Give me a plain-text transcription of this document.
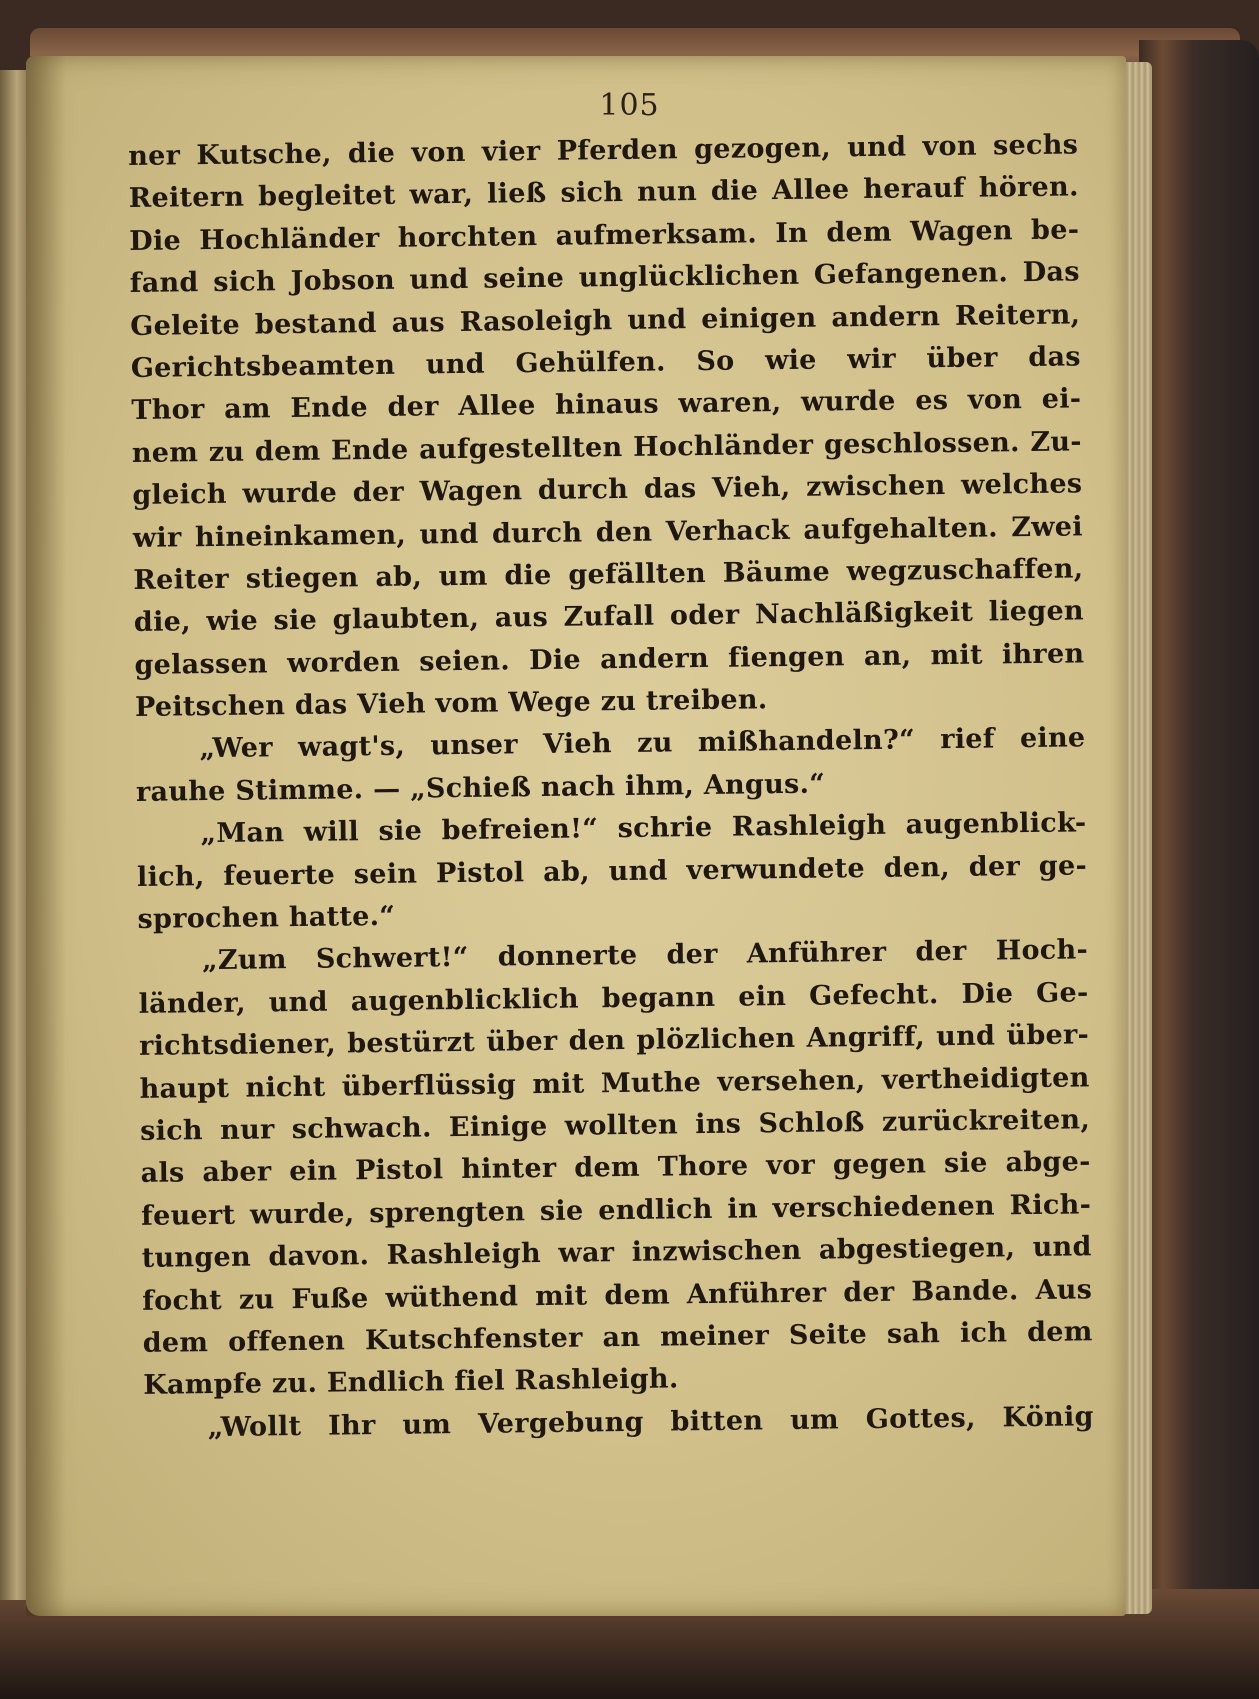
105
ner Kutsche, die von vier Pferden gezogen, und von sechs
Reitern begleitet war, ließ sich nun die Allee herauf hören.
Die Hochländer horchten aufmerksam. In dem Wagen be-
fand sich Jobson und seine unglücklichen Gefangenen. Das
Geleite bestand aus Rasoleigh und einigen andern Reitern,
Gerichtsbeamten und Gehülfen. So wie wir über das
Thor am Ende der Allee hinaus waren, wurde es von ei-
nem zu dem Ende aufgestellten Hochländer geschlossen. Zu-
gleich wurde der Wagen durch das Vieh, zwischen welches
wir hineinkamen, und durch den Verhack aufgehalten. Zwei
Reiter stiegen ab, um die gefällten Bäume wegzuschaffen,
die, wie sie glaubten, aus Zufall oder Nachläßigkeit liegen
gelassen worden seien. Die andern fiengen an, mit ihren
Peitschen das Vieh vom Wege zu treiben.
„Wer wagt's, unser Vieh zu mißhandeln?“ rief eine
rauhe Stimme. — „Schieß nach ihm, Angus.“
„Man will sie befreien!“ schrie Rashleigh augenblick-
lich, feuerte sein Pistol ab, und verwundete den, der ge-
sprochen hatte.“
„Zum Schwert!“ donnerte der Anführer der Hoch-
länder, und augenblicklich begann ein Gefecht. Die Ge-
richtsdiener, bestürzt über den plözlichen Angriff, und über-
haupt nicht überflüssig mit Muthe versehen, vertheidigten
sich nur schwach. Einige wollten ins Schloß zurückreiten,
als aber ein Pistol hinter dem Thore vor gegen sie abge-
feuert wurde, sprengten sie endlich in verschiedenen Rich-
tungen davon. Rashleigh war inzwischen abgestiegen, und
focht zu Fuße wüthend mit dem Anführer der Bande. Aus
dem offenen Kutschfenster an meiner Seite sah ich dem
Kampfe zu. Endlich fiel Rashleigh.
„Wollt Ihr um Vergebung bitten um Gottes, König
